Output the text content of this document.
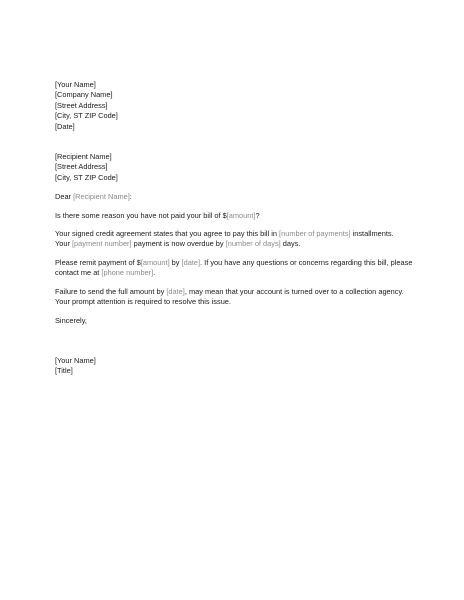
[Your Name]
[Company Name]
[Street Address]
[City, ST ZIP Code]
[Date]
[Recipient Name]
[Street Address]
[City, ST ZIP Code]

Dear [Recipient Name]:

Is there some reason you have not paid your bill of $[amount]?

Your signed credit agreement states that you agree to pay this bill in [number of payments] installments.
Your [payment number] payment is now overdue by [number of days] days.

Please remit payment of $[amount] by [date]. If you have any questions or concerns regarding this bill, please
contact me at [phone number].

Failure to send the full amount by [date], may mean that your account is turned over to a collection agency.
Your prompt attention is required to resolve this issue.

Sincerely,

[Your Name]
[Title]
